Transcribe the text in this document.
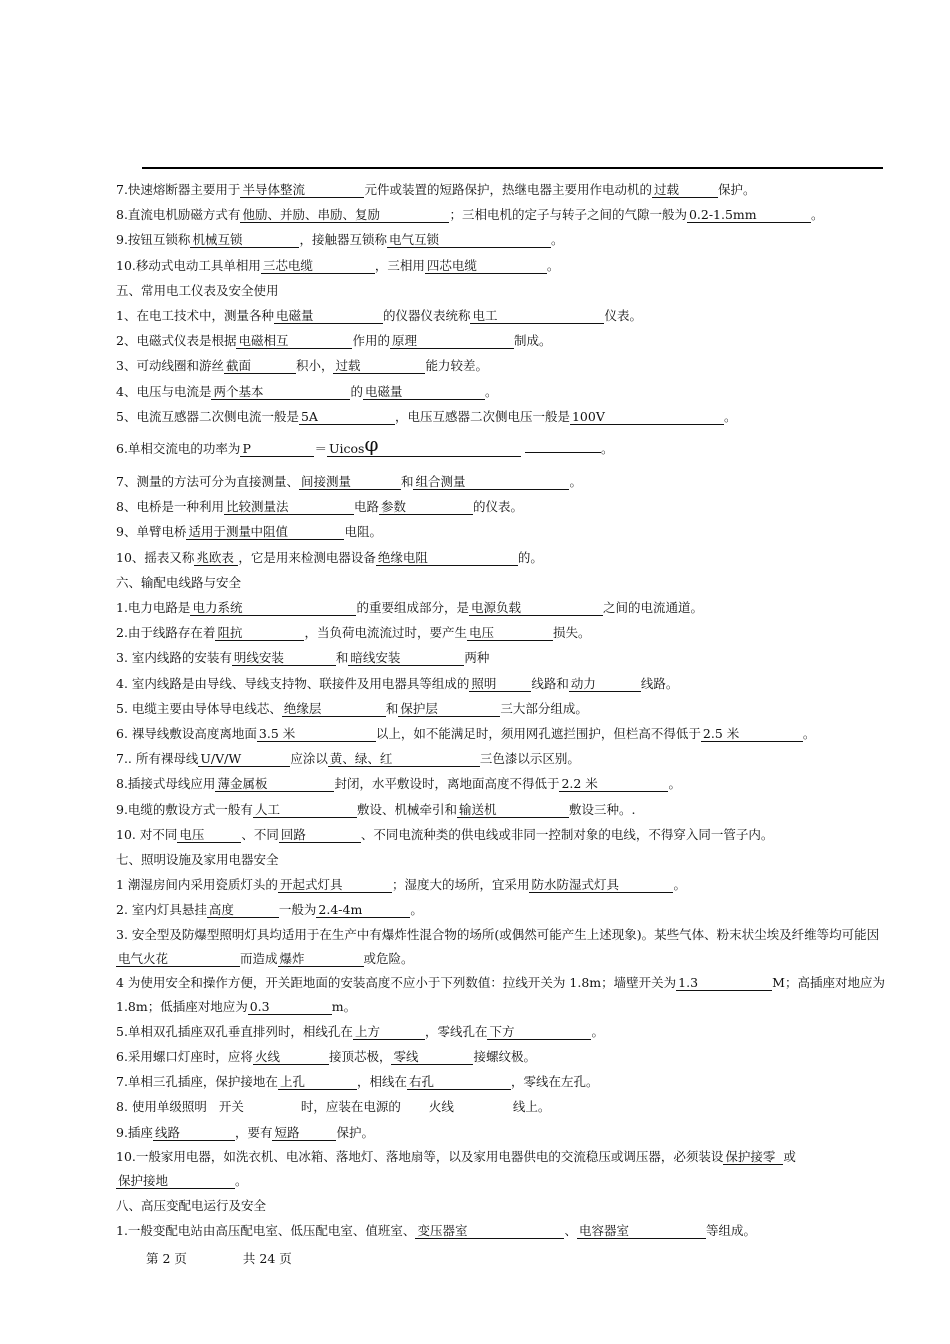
7.快速熔断器主要用于 半导体整流	元件或装置的短路保护，热继电器主要用作电动机的 过载	保护。

8.直流电机励磁方式有 他励、并励、串励、复励	；三相电机的定子与转子之间的气隙一般为 0.2-1.5mm	。

9.按钮互锁称 机械互锁	，接触器互锁称 电气互锁	。

10.移动式电动工具单相用 三芯电缆	，三相用 四芯电缆	。

五、常用电工仪表及安全使用

1、在电工技术中，测量各种 电磁量	的仪器仪表统称 电工	仪表。

2、电磁式仪表是根据 电磁相互	作用的 原理	制成。

3、可动线圈和游丝 截面	积小， 过载	能力较差。

4、电压与电流是 两个基本	的 电磁量	。

5、电流互感器二次侧电流一般是 5A	，电压互感器二次侧电压一般是 100V	。

6.单相交流电的功率为 P	＝ Uicosφ	。

7、测量的方法可分为直接测量、 间接测量	和 组合测量	。

8、电桥是一种利用 比较测量法	电路 参数	的仪表。

9、单臂电桥 适用于测量中阻值	电阻。

10、摇表又称 兆欧表 ，它是用来检测电器设备 绝缘电阻	的。

六、输配电线路与安全

1.电力电路是 电力系统	的重要组成部分，是 电源负载	之间的电流通道。

2.由于线路存在着 阻抗	，当负荷电流流过时，要产生 电压	损失。

3. 室内线路的安装有 明线安装	和 暗线安装	两种

4. 室内线路是由导线、导线支持物、联接件及用电器具等组成的 照明	线路和 动力	线路。

5. 电缆主要由导体导电线芯、 绝缘层	和 保护层	三大部分组成。

6. 裸导线敷设高度离地面 3.5 米	以上，如不能满足时，须用网孔遮拦围护，但栏高不得低于 2.5 米	。

7.. 所有裸母线 U/V/W	应涂以 黄、绿、红	三色漆以示区别。

8.插接式母线应用 薄金属板	封闭，水平敷设时，离地面高度不得低于 2.2 米	。

9.电缆的敷设方式一般有 人工	敷设、机械牵引和 输送机	敷设三种。.

10. 对不同 电压	、不同 回路	、不同电流种类的供电线或非同一控制对象的电线，不得穿入同一管子内。

七、照明设施及家用电器安全

1 潮湿房间内采用瓷质灯头的 开起式灯具	；湿度大的场所，宜采用 防水防湿式灯具	。

2. 室内灯具悬挂 高度	一般为 2.4-4m	。

3. 安全型及防爆型照明灯具均适用于在生产中有爆炸性混合物的场所(或偶然可能产生上述现象)。某些气体、粉末状尘埃及纤维等均可能因电气火花	而造成 爆炸	或危险。

4 为使用安全和操作方便，开关距地面的安装高度不应小于下列数值：拉线开关为 1.8m；墙壁开关为 1.3	M；高插座对地应为 1.8m；低插座对地应为 0.3	m。

5.单相双孔插座双孔垂直排列时，相线孔在 上方	，零线孔在 下方	。

6.采用螺口灯座时，应将 火线	接顶芯极， 零线	接螺纹极。

7.单相三孔插座，保护接地在 上孔	，相线在 右孔	，零线在左孔。

8. 使用单级照明 开关	时，应装在电源的 火线	线上。

9.插座 线路	，要有 短路	保护。

10.一般家用电器，如洗衣机、电冰箱、落地灯、落地扇等，以及家用电器供电的交流稳压或调压器，必须装设 保护接零 或保护接地	。

八、高压变配电运行及安全

1.一般变配电站由高压配电室、低压配电室、值班室、 变压器室	、 电容器室	等组成。

第 2 页	共 24 页
